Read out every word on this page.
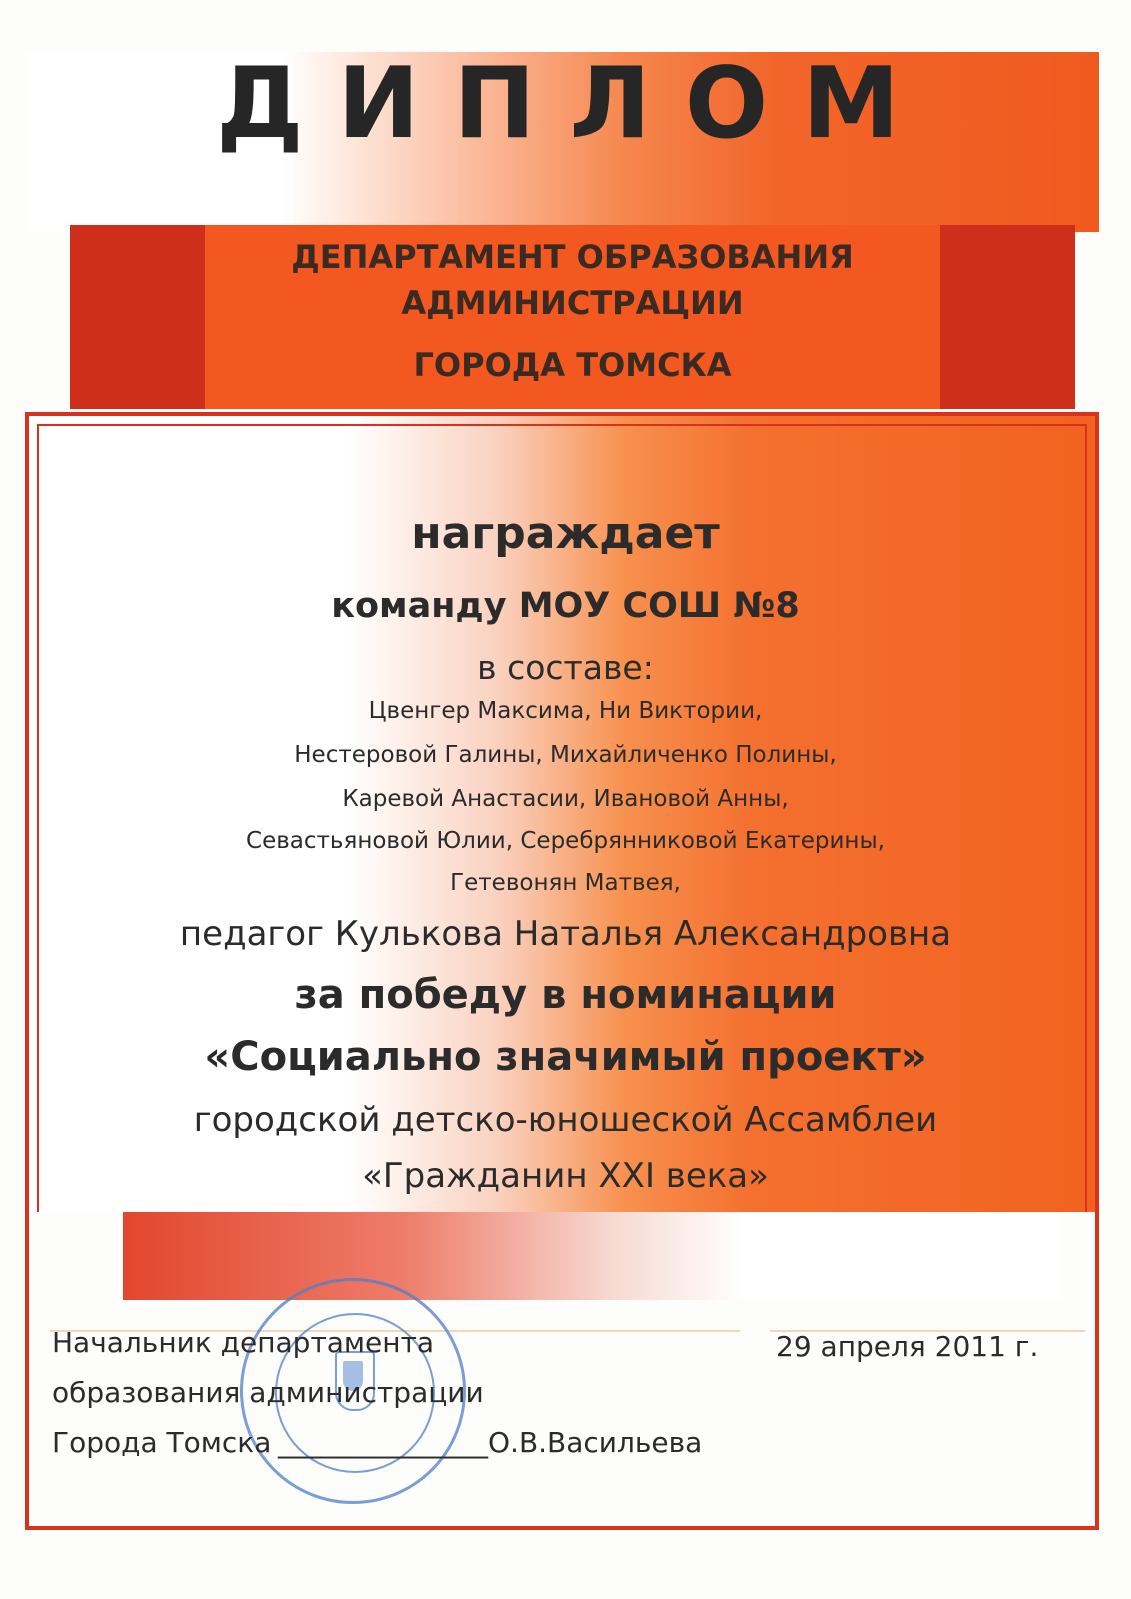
ДИПЛОМ
ДЕПАРТАМЕНТ ОБРАЗОВАНИЯ
АДМИНИСТРАЦИИ
ГОРОДА ТОМСКА
награждает
команду МОУ СОШ №8
в составе:
Цвенгер Максима, Ни Виктории,
Нестеровой Галины, Михайличенко Полины,
Каревой Анастасии, Ивановой Анны,
Севастьяновой Юлии, Серебрянниковой Екатерины,
Гетевонян Матвея,
педагог Кулькова Наталья Александровна
за победу в номинации
«Социально значимый проект»
городской детско-юношеской Ассамблеи
«Гражданин XXI века»
Начальник департамента
образования администрации
Города Томска _______________О.В.Васильева
29 апреля 2011 г.
